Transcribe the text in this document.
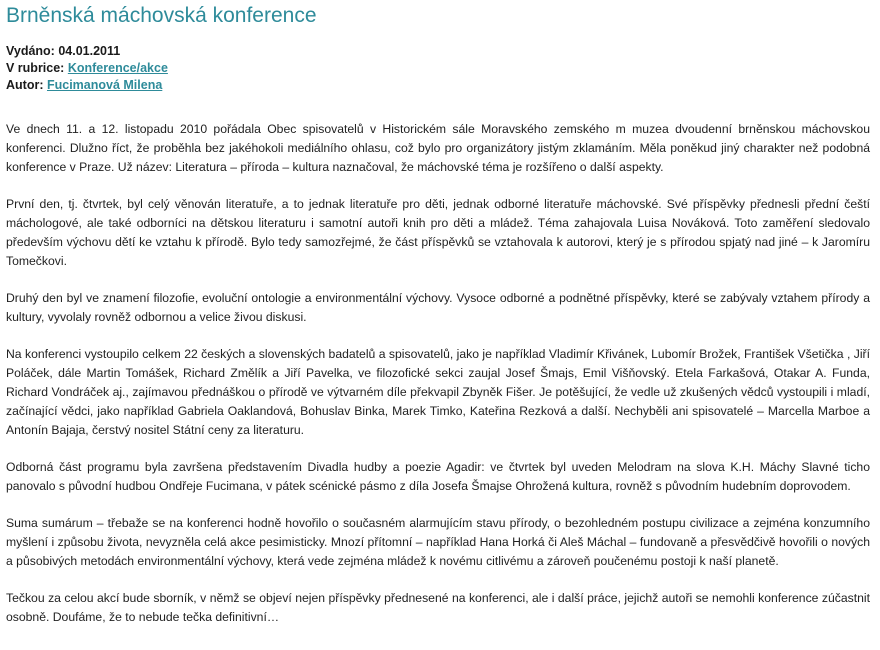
Brněnská máchovská konference
Vydáno: 04.01.2011
V rubrice: Konference/akce
Autor: Fucimanová Milena

Ve dnech 11. a 12. listopadu 2010 pořádala Obec spisovatelů v Historickém sále Moravského zemského m muzea dvoudenní brněnskou máchovskou konferenci. Dlužno říct, že proběhla bez jakéhokoli mediálního ohlasu, což bylo pro organizátory jistým zklamáním. Měla poněkud jiný charakter než podobná konference v Praze. Už název: Literatura – příroda – kultura naznačoval, že máchovské téma je rozšířeno o další aspekty.

První den, tj. čtvrtek, byl celý věnován literatuře, a to jednak literatuře pro děti, jednak odborné literatuře máchovské. Své příspěvky přednesli přední čeští máchologové, ale také odborníci na dětskou literaturu i samotní autoři knih pro děti a mládež. Téma zahajovala Luisa Nováková. Toto zaměření sledovalo především výchovu dětí ke vztahu k přírodě. Bylo tedy samozřejmé, že část příspěvků se vztahovala k autorovi, který je s přírodou spjatý nad jiné – k Jaromíru Tomečkovi.

Druhý den byl ve znamení filozofie, evoluční ontologie a environmentální výchovy. Vysoce odborné a podnětné příspěvky, které se zabývaly vztahem přírody a kultury, vyvolaly rovněž odbornou a velice živou diskusi.

Na konferenci vystoupilo celkem 22 českých a slovenských badatelů a spisovatelů, jako je například Vladimír Křivánek, Lubomír Brožek, František Všetička , Jiří Poláček, dále Martin Tomášek, Richard Změlík a Jiří Pavelka, ve filozofické sekci zaujal Josef Šmajs, Emil Višňovský. Etela Farkašová, Otakar A. Funda, Richard Vondráček aj., zajímavou přednáškou o přírodě ve výtvarném díle překvapil Zbyněk Fišer. Je potěšující, že vedle už zkušených vědců vystoupili i mladí, začínající vědci, jako například Gabriela Oaklandová, Bohuslav Binka, Marek Timko, Kateřina Rezková a další. Nechyběli ani spisovatelé – Marcella Marboe a Antonín Bajaja, čerstvý nositel Státní ceny za literaturu.

Odborná část programu byla završena představením Divadla hudby a poezie Agadir: ve čtvrtek byl uveden Melodram na slova K.H. Máchy Slavné ticho panovalo s původní hudbou Ondřeje Fucimana, v pátek scénické pásmo z díla Josefa Šmajse Ohrožená kultura, rovněž s původním hudebním doprovodem.

Suma sumárum – třebaže se na konferenci hodně hovořilo o současném alarmujícím stavu přírody, o bezohledném postupu civilizace a zejména konzumního myšlení i způsobu života, nevyzněla celá akce pesimisticky. Mnozí přítomní – například Hana Horká či Aleš Máchal – fundovaně a přesvědčivě hovořili o nových a působivých metodách environmentální výchovy, která vede zejména mládež k novému citlivému a zároveň poučenému postoji k naší planetě.

Tečkou za celou akcí bude sborník, v němž se objeví nejen příspěvky přednesené na konferenci, ale i další práce, jejichž autoři se nemohli konference zúčastnit osobně. Doufáme, že to nebude tečka definitivní…
